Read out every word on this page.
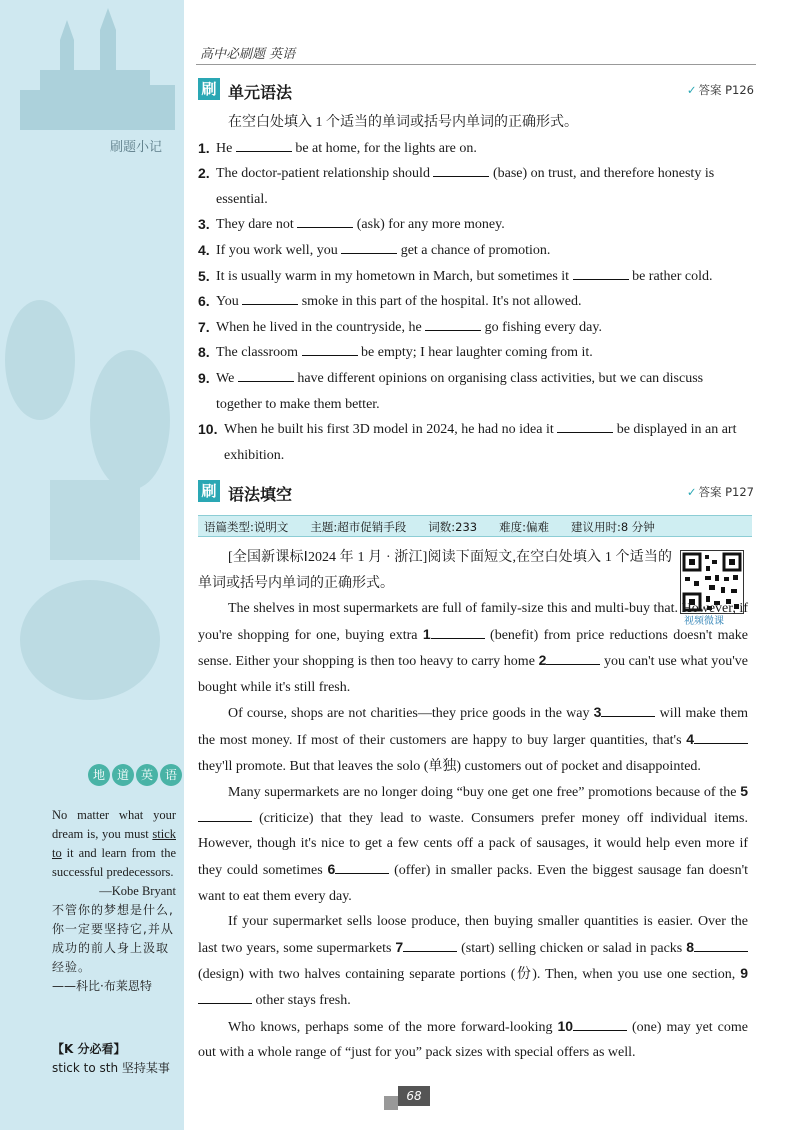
刷题小记
地 道 英 语
No matter what your dream is, you must stick to it and learn from the successful predecessors.
—Kobe Bryant
不管你的梦想是什么,你一定要坚持它,并从成功的前人身上汲取经验。
——科比·布莱恩特
【K 分必看】
stick to sth 坚持某事
高中必刷题 英语
刷 单元语法	✓ 答案 P126
在空白处填入 1 个适当的单词或括号内单词的正确形式。
1. He	be at home, for the lights are on.
2. The doctor-patient relationship should	(base) on trust, and therefore honesty is essential.
3. They dare not	(ask) for any more money.
4. If you work well, you	get a chance of promotion.
5. It is usually warm in my hometown in March, but sometimes it	be rather cold.
6. You	smoke in this part of the hospital. It's not allowed.
7. When he lived in the countryside, he	go fishing every day.
8. The classroom	be empty; I hear laughter coming from it.
9. We	have different opinions on organising class activities, but we can discuss together to make them better.
10. When he built his first 3D model in 2024, he had no idea it	be displayed in an art exhibition.
刷 语法填空	✓ 答案 P127
语篇类型:说明文 主题:超市促销手段 词数:233 难度:偏难 建议用时:8 分钟
视频微课

[全国新课标Ⅰ2024 年 1 月 · 浙江]阅读下面短文,在空白处填入 1 个适当的单词或括号内单词的正确形式。

The shelves in most supermarkets are full of family-size this and multi-buy that. However, if you're shopping for one, buying extra 1	(benefit) from price reductions doesn't make sense. Either your shopping is then too heavy to carry home 2	you can't use what you've bought while it's still fresh.

Of course, shops are not charities—they price goods in the way 3	will make them the most money. If most of their customers are happy to buy larger quantities, that's 4 they'll promote. But that leaves the solo (单独) customers out of pocket and disappointed.

Many supermarkets are no longer doing “buy one get one free” promotions because of the 5 (criticize) that they lead to waste. Consumers prefer money off individual items. However, though it's nice to get a few cents off a pack of sausages, it would help even more if they could sometimes 6	(offer) in smaller packs. Even the biggest sausage fan doesn't want to eat them every day.

If your supermarket sells loose produce, then buying smaller quantities is easier. Over the last two years, some supermarkets 7	(start) selling chicken or salad in packs 8 (design) with two halves containing separate portions (份). Then, when you use one section, 9 other stays fresh.

Who knows, perhaps some of the more forward-looking 10	(one) may yet come out with a whole range of “just for you” pack sizes with special offers as well.

68
